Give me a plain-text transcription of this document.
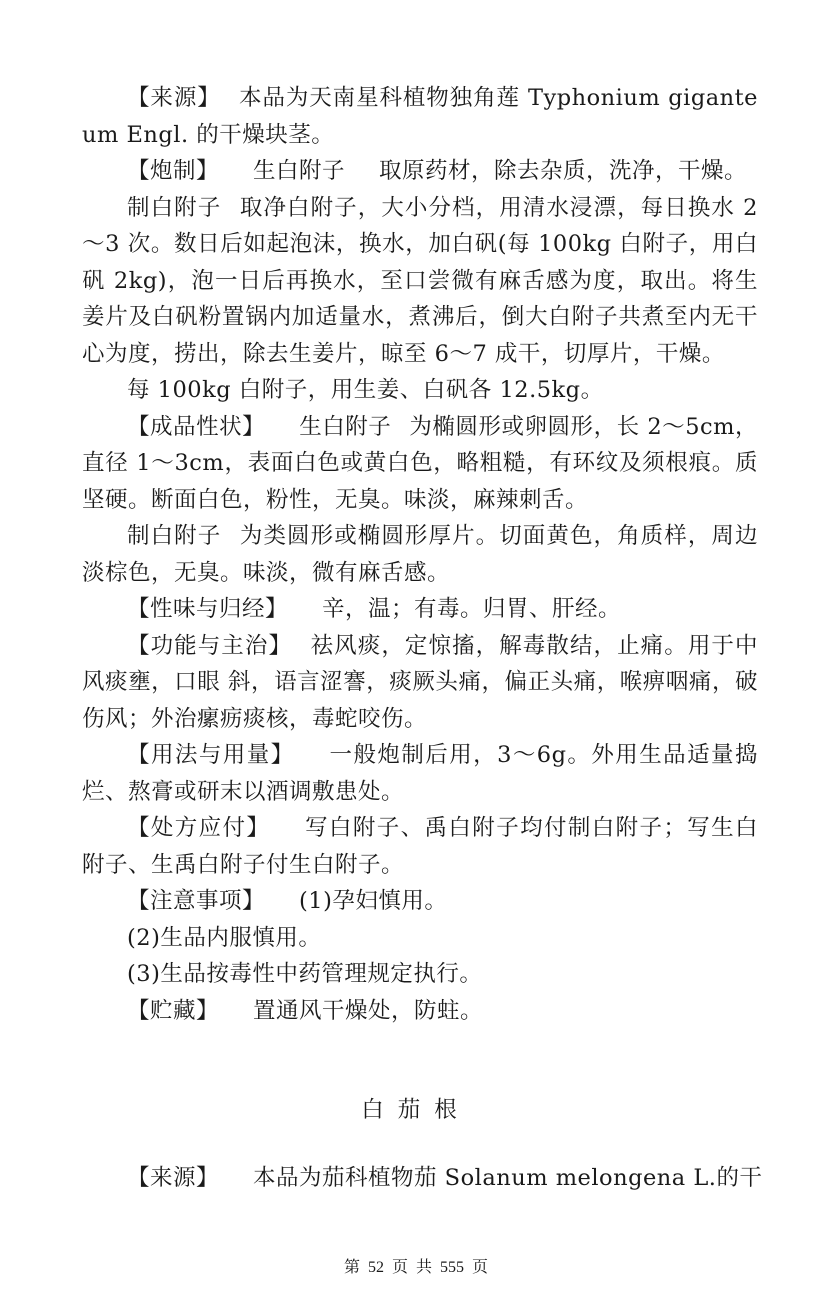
【来源】 本品为天南星科植物独角莲 Typhonium giganteum Engl. 的干燥块茎。

【炮制】 生白附子 取原药材，除去杂质，洗净，干燥。

制白附子 取净白附子，大小分档，用清水浸漂，每日换水 2～3 次。数日后如起泡沫，换水，加白矾(每 100kg 白附子，用白矾 2kg)，泡一日后再换水，至口尝微有麻舌感为度，取出。将生姜片及白矾粉置锅内加适量水，煮沸后，倒大白附子共煮至内无干心为度，捞出，除去生姜片，晾至 6～7 成干，切厚片，干燥。

每 100kg 白附子，用生姜、白矾各 12.5kg。

【成品性状】 生白附子 为椭圆形或卵圆形，长 2～5cm，直径 1～3cm，表面白色或黄白色，略粗糙，有环纹及须根痕。质坚硬。断面白色，粉性，无臭。味淡，麻辣刺舌。

制白附子 为类圆形或椭圆形厚片。切面黄色，角质样，周边淡棕色，无臭。味淡，微有麻舌感。

【性味与归经】 辛，温；有毒。归胃、肝经。

【功能与主治】 祛风痰，定惊搐，解毒散结，止痛。用于中风痰壅，口眼 斜，语言涩謇，痰厥头痛，偏正头痛，喉痹咽痛，破伤风；外治瘰疬痰核，毒蛇咬伤。

【用法与用量】 一般炮制后用，3～6g。外用生品适量捣烂、熬膏或研末以酒调敷患处。

【处方应付】 写白附子、禹白附子均付制白附子；写生白附子、生禹白附子付生白附子。

【注意事项】 (1)孕妇慎用。

(2)生品内服慎用。

(3)生品按毒性中药管理规定执行。

【贮藏】 置通风干燥处，防蛀。

白茄根
【来源】 本品为茄科植物茄 Solanum melongena L.的干
第 52 页 共 555 页
